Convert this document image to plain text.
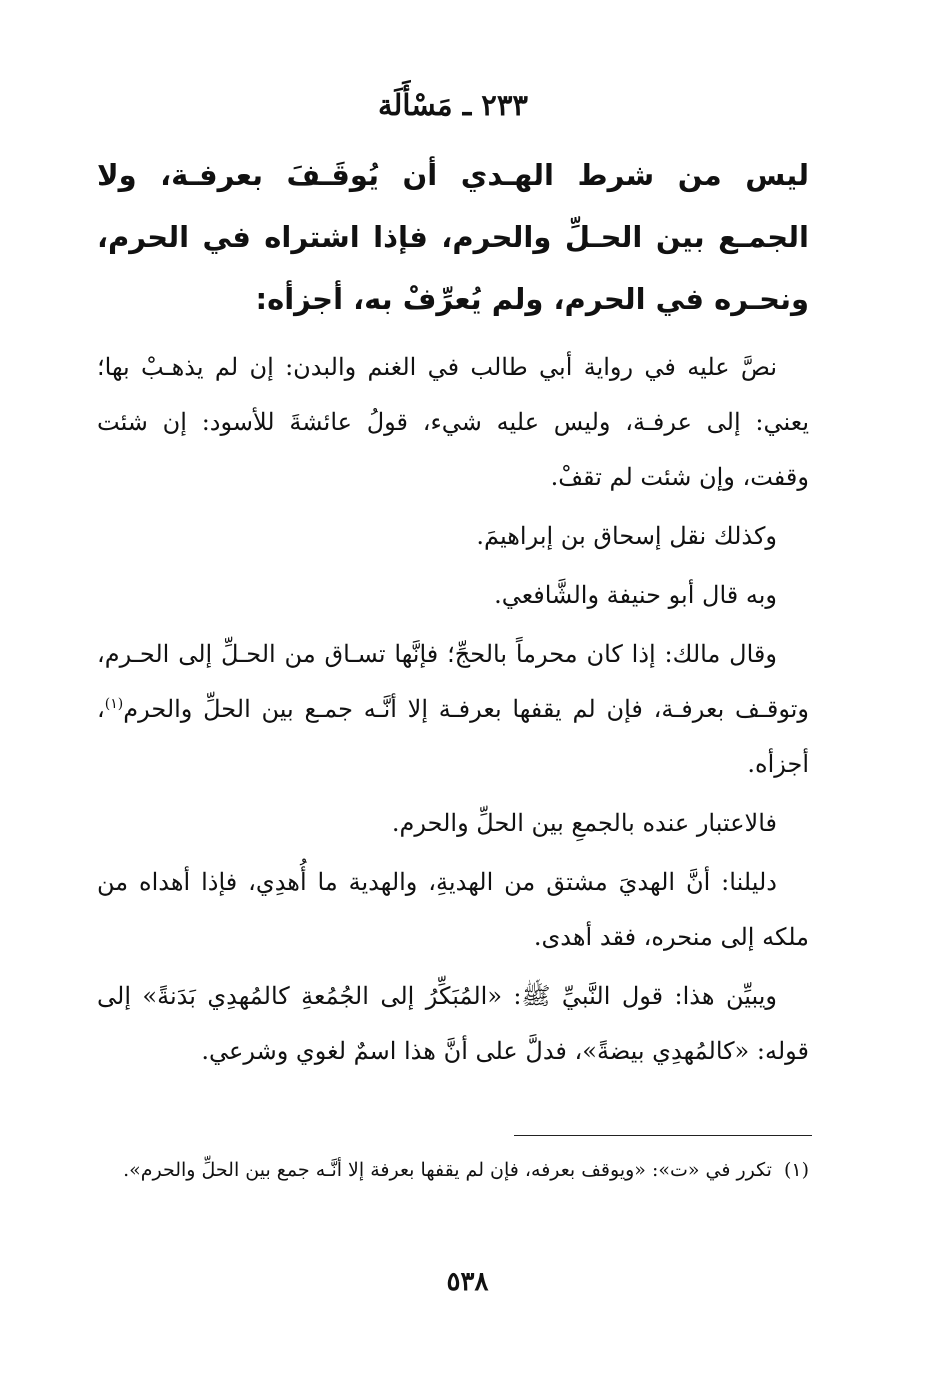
٢٣٣ ـ مَسْأَلَة

ليس من شرط الهـدي أن يُوقَـفَ بعرفـة، ولا الجمـع بين الحـلِّ والحرم، فإذا اشتراه في الحرم، ونحـره في الحرم، ولم يُعرِّفْ به، أجزأه:

نصَّ عليه في رواية أبي طالب في الغنم والبدن: إن لم يذهـبْ بها؛ يعني: إلى عرفـة، وليس عليه شيء، قولُ عائشةَ للأسود: إن شئت وقفت، وإن شئت لم تقفْ.

وكذلك نقل إسحاق بن إبراهيمَ.

وبه قال أبو حنيفة والشَّافعي.

وقال مالك: إذا كان محرماً بالحجِّ؛ فإنَّها تسـاق من الحـلِّ إلى الحـرم، وتوقـف بعرفـة، فإن لم يقفها بعرفـة إلا أنَّـه جمـع بين الحلِّ والحرم$^{(١)}$، أجزأه.

فالاعتبار عنده بالجمعِ بين الحلِّ والحرم.

دليلنا: أنَّ الهديَ مشتق من الهديةِ، والهدية ما أُهدِي، فإذا أهداه من ملكه إلى منحره، فقد أهدى.

ويبيِّن هذا: قول النَّبيِّ ﷺ: «المُبَكِّرُ إلى الجُمُعةِ كالمُهدِي بَدَنةً» إلى قوله: «كالمُهدِي بيضةً»، فدلَّ على أنَّ هذا اسمٌ لغوي وشرعي.

(١)تكرر في «ت»: «ويوقف بعرفه، فإن لم يقفها بعرفة إلا أنَّـه جمع بين الحلِّ والحرم».
٥٣٨
